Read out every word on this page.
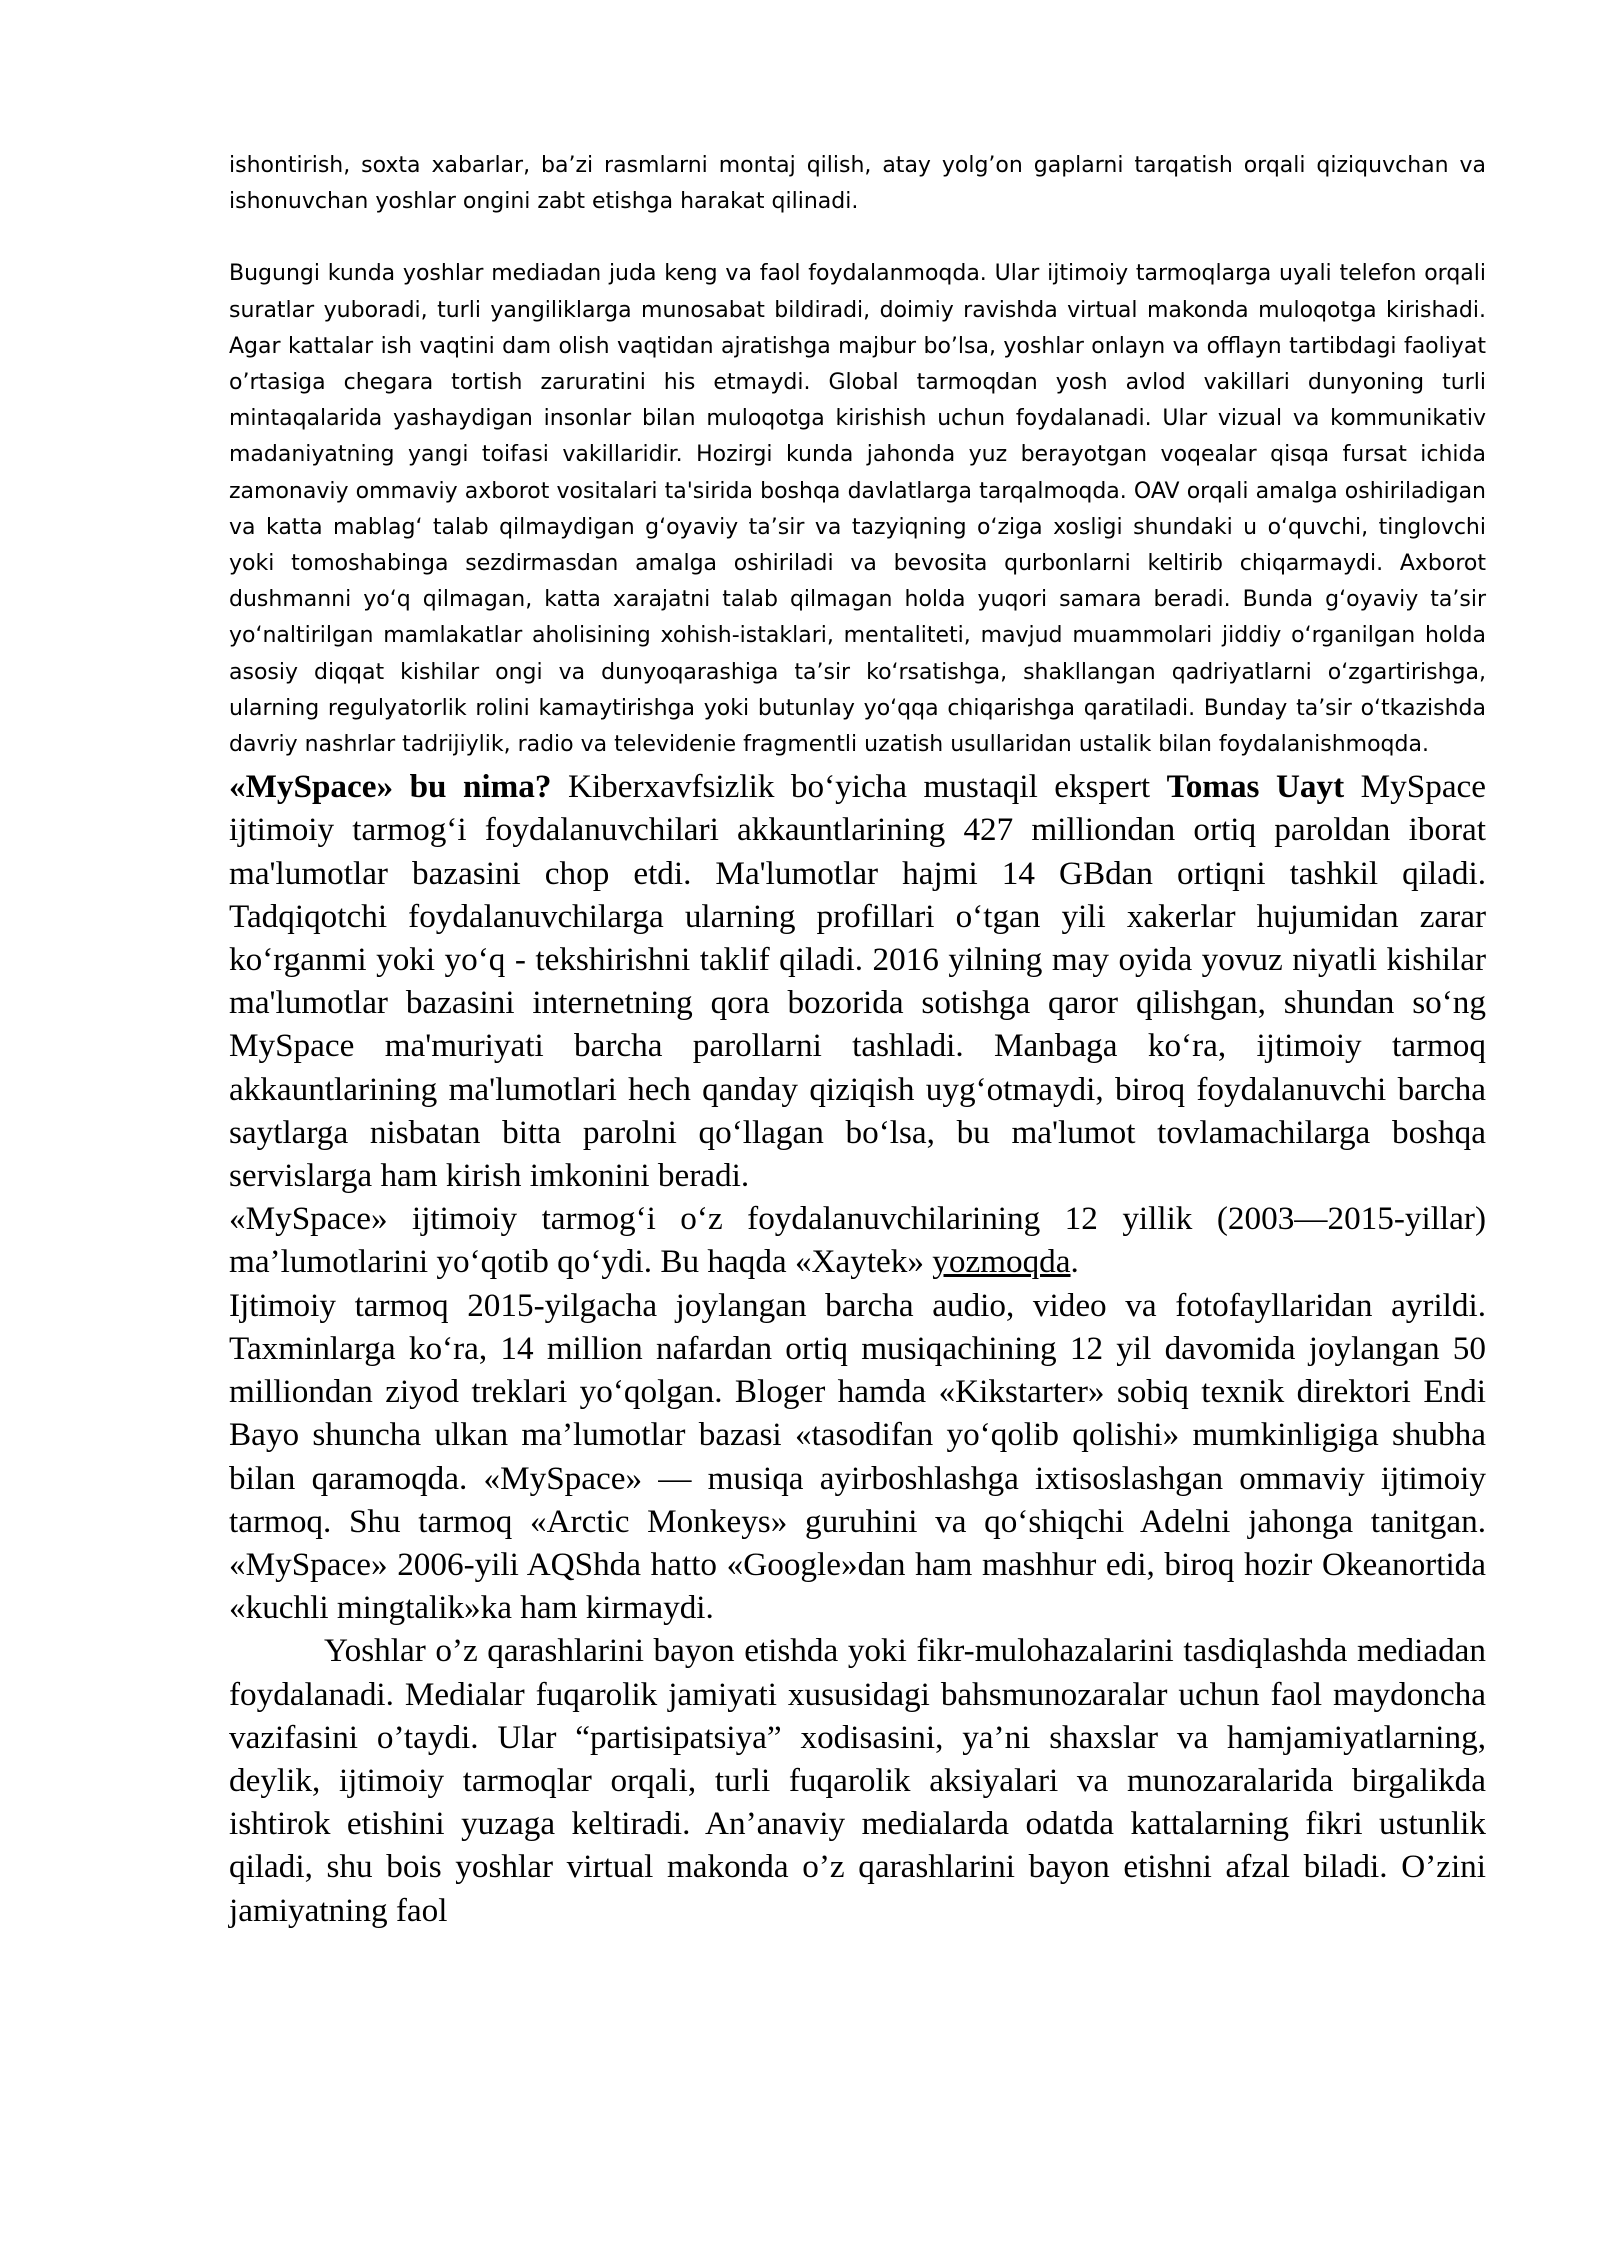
ishontirish, soxta xabarlar, ba’zi rasmlarni montaj qilish, atay yolg’on gaplarni tarqatish orqali qiziquvchan va ishonuvchan yoshlar ongini zabt etishga harakat qilinadi.

Bugungi kunda yoshlar mediadan juda keng va faol foydalanmoqda. Ular ijtimoiy tarmoqlarga uyali telefon orqali suratlar yuboradi, turli yangiliklarga munosabat bildiradi, doimiy ravishda virtual makonda muloqotga kirishadi. Agar kattalar ish vaqtini dam olish vaqtidan ajratishga majbur bo’lsa, yoshlar onlayn va offlayn tartibdagi faoliyat o’rtasiga chegara tortish zaruratini his etmaydi. Global tarmoqdan yosh avlod vakillari dunyoning turli mintaqalarida yashaydigan insonlar bilan muloqotga kirishish uchun foydalanadi. Ular vizual va kommunikativ madaniyatning yangi toifasi vakillaridir. Hozirgi kunda jahonda yuz berayotgan voqealar qisqa fursat ichida zamonaviy ommaviy axborot vositalari ta'sirida boshqa davlatlarga tarqalmoqda. OAV orqali amalga oshiriladigan va katta mablag‘ talab qilmaydigan g‘oyaviy ta’sir va tazyiqning o‘ziga xosligi shundaki u o‘quvchi, tinglovchi yoki tomoshabinga sezdirmasdan amalga oshiriladi va bevosita qurbonlarni keltirib chiqarmaydi. Axborot dushmanni yo‘q qilmagan, katta xarajatni talab qilmagan holda yuqori samara beradi. Bunda g‘oyaviy ta’sir yo‘naltirilgan mamlakatlar aholisining xohish-istaklari, mentaliteti, mavjud muammolari jiddiy o‘rganilgan holda asosiy diqqat kishilar ongi va dunyoqarashiga ta’sir ko‘rsatishga, shakllangan qadriyatlarni o‘zgartirishga, ularning regulyatorlik rolini kamaytirishga yoki butunlay yo‘qqa chiqarishga qaratiladi. Bunday ta’sir o‘tkazishda davriy nashrlar tadrijiylik, radio va televidenie fragmentli uzatish usullaridan ustalik bilan foydalanishmoqda.

«MySpace» bu nima? Kiberxavfsizlik bo‘yicha mustaqil ekspert Tomas Uayt MySpace ijtimoiy tarmog‘i foydalanuvchilari akkauntlarining 427 milliondan ortiq paroldan iborat ma'lumotlar bazasini chop etdi. Ma'lumotlar hajmi 14 GBdan ortiqni tashkil qiladi. Tadqiqotchi foydalanuvchilarga ularning profillari o‘tgan yili xakerlar hujumidan zarar ko‘rganmi yoki yo‘q - tekshirishni taklif qiladi. 2016 yilning may oyida yovuz niyatli kishilar ma'lumotlar bazasini internetning qora bozorida sotishga qaror qilishgan, shundan so‘ng MySpace ma'muriyati barcha parollarni tashladi. Manbaga ko‘ra, ijtimoiy tarmoq akkauntlarining ma'lumotlari hech qanday qiziqish uyg‘otmaydi, biroq foydalanuvchi barcha saytlarga nisbatan bitta parolni qo‘llagan bo‘lsa, bu ma'lumot tovlamachilarga boshqa servislarga ham kirish imkonini beradi.

«MySpace» ijtimoiy tarmog‘i o‘z foydalanuvchilarining 12 yillik (2003—2015-yillar) ma’lumotlarini yo‘qotib qo‘ydi. Bu haqda «Xaytek» yozmoqda.

Ijtimoiy tarmoq 2015-yilgacha joylangan barcha audio, video va fotofayllaridan ayrildi. Taxminlarga ko‘ra, 14 million nafardan ortiq musiqachining 12 yil davomida joylangan 50 milliondan ziyod treklari yo‘qolgan. Bloger hamda «Kikstarter» sobiq texnik direktori Endi Bayo shuncha ulkan ma’lumotlar bazasi «tasodifan yo‘qolib qolishi» mumkinligiga shubha bilan qaramoqda. «MySpace» — musiqa ayirboshlashga ixtisoslashgan ommaviy ijtimoiy tarmoq. Shu tarmoq «Arctic Monkeys» guruhini va qo‘shiqchi Adelni jahonga tanitgan. «MySpace» 2006-yili AQShda hatto «Google»dan ham mashhur edi, biroq hozir Okeanortida «kuchli mingtalik»ka ham kirmaydi.

Yoshlar o’z qarashlarini bayon etishda yoki fikr-mulohazalarini tasdiqlashda mediadan foydalanadi. Medialar fuqarolik jamiyati xususidagi bahsmunozaralar uchun faol maydoncha vazifasini o’taydi. Ular “partisipatsiya” xodisasini, ya’ni shaxslar va hamjamiyatlarning, deylik, ijtimoiy tarmoqlar orqali, turli fuqarolik aksiyalari va munozaralarida birgalikda ishtirok etishini yuzaga keltiradi. An’anaviy medialarda odatda kattalarning fikri ustunlik qiladi, shu bois yoshlar virtual makonda o’z qarashlarini bayon etishni afzal biladi. O’zini jamiyatning faol
